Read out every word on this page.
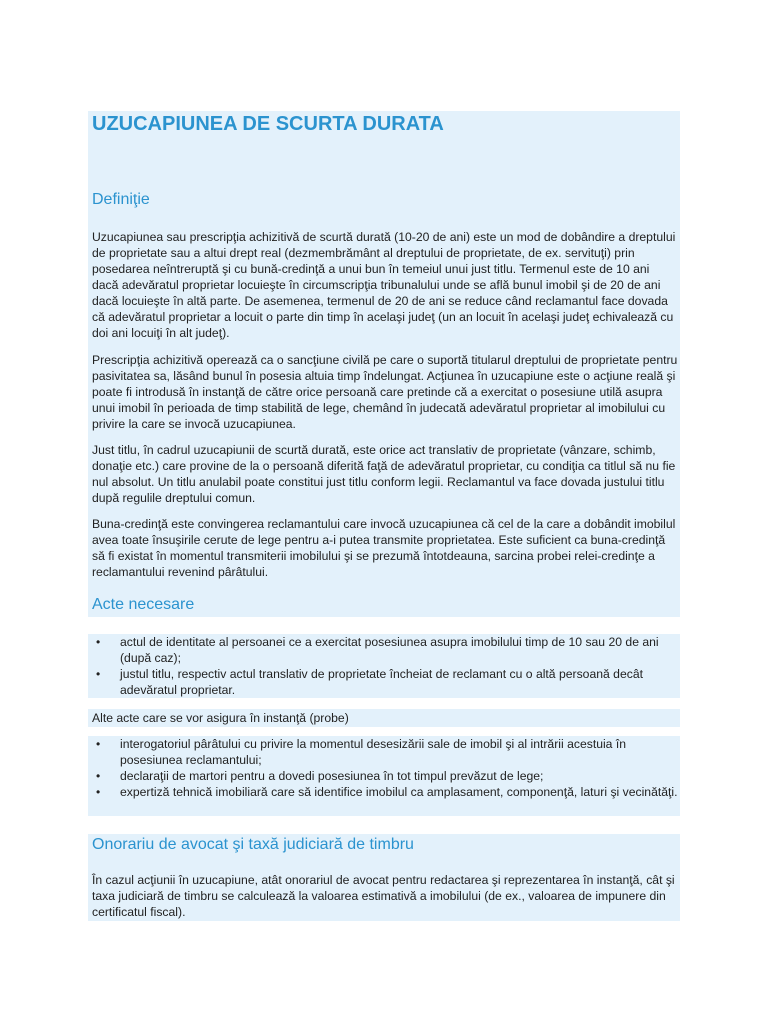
UZUCAPIUNEA DE SCURTA DURATA
Definiţie

Uzucapiunea sau prescripţia achizitivă de scurtă durată (10-20 de ani) este un mod de dobândire a dreptului de proprietate sau a altui drept real (dezmembrământ al dreptului de proprietate, de ex. servituţi) prin posedarea neîntreruptă şi cu bună-credinţă a unui bun în temeiul unui just titlu. Termenul este de 10 ani dacă adevăratul proprietar locuieşte în circumscripţia tribunalului unde se află bunul imobil şi de 20 de ani dacă locuieşte în altă parte. De asemenea, termenul de 20 de ani se reduce când reclamantul face dovada că adevăratul proprietar a locuit o parte din timp în acelaşi judeţ (un an locuit în acelaşi judeţ echivalează cu doi ani locuiţi în alt judeţ).

Prescripţia achizitivă operează ca o sancţiune civilă pe care o suportă titularul dreptului de proprietate pentru pasivitatea sa, lăsând bunul în posesia altuia timp îndelungat. Acţiunea în uzucapiune este o acţiune reală şi poate fi introdusă în instanţă de către orice persoană care pretinde că a exercitat o posesiune utilă asupra unui imobil în perioada de timp stabilită de lege, chemând în judecată adevăratul proprietar al imobilului cu privire la care se invocă uzucapiunea.

Just titlu, în cadrul uzucapiunii de scurtă durată, este orice act translativ de proprietate (vânzare, schimb, donaţie etc.) care provine de la o persoană diferită faţă de adevăratul proprietar, cu condiţia ca titlul să nu fie nul absolut. Un titlu anulabil poate constitui just titlu conform legii. Reclamantul va face dovada justului titlu după regulile dreptului comun.

Buna-credinţă este convingerea reclamantului care invocă uzucapiunea că cel de la care a dobândit imobilul avea toate însuşirile cerute de lege pentru a-i putea transmite proprietatea. Este suficient ca buna-credinţă să fi existat în momentul transmiterii imobilului şi se prezumă întotdeauna, sarcina probei relei-credinţe a reclamantului revenind pârâtului.

Acte necesare
• actul de identitate al persoanei ce a exercitat posesiunea asupra imobilului timp de 10 sau 20 de ani (după caz);
• justul titlu, respectiv actul translativ de proprietate încheiat de reclamant cu o altă persoană decât adevăratul proprietar.

Alte acte care se vor asigura în instanţă (probe)

• interogatoriul pârâtului cu privire la momentul desesizării sale de imobil şi al intrării acestuia în posesiunea reclamantului;
• declaraţii de martori pentru a dovedi posesiunea în tot timpul prevăzut de lege;
• expertiză tehnică imobiliară care să identifice imobilul ca amplasament, componenţă, laturi şi vecinătăţi.
Onorariu de avocat şi taxă judiciară de timbru

În cazul acţiunii în uzucapiune, atât onorariul de avocat pentru redactarea şi reprezentarea în instanţă, cât şi taxa judiciară de timbru se calculează la valoarea estimativă a imobilului (de ex., valoarea de impunere din certificatul fiscal).
